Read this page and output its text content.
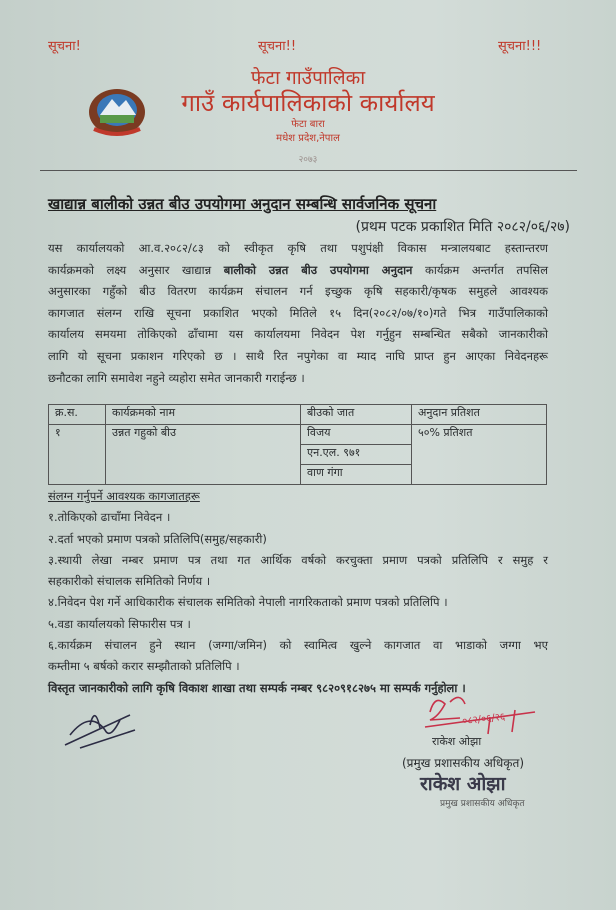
सूचना!	सूचना!!	सूचना!!!
फेटा गाउँपालिका
गाउँ कार्यपालिकाको कार्यालय
फेटा बारा
मधेश प्रदेश,नेपाल
२०७३
खाद्यान्न बालीको उन्नत बीउ उपयोगमा अनुदान सम्बन्धि सार्वजनिक सूचना
(प्रथम पटक प्रकाशित मिति २०८२/०६/२७)
यस कार्यालयको आ.व.२०८२/८३ को स्वीकृत कृषि तथा पशुपंक्षी विकास मन्त्रालयबाट हस्तान्तरण
कार्यक्रमको लक्ष्य अनुसार खाद्यान्न बालीको उन्नत बीउ उपयोगमा अनुदान कार्यक्रम अन्तर्गत तपसिल
अनुसारका गहुँको बीउ वितरण कार्यक्रम संचालन गर्न इच्छुक कृषि सहकारी/कृषक समुहले आवश्यक
कागजात संलग्न राखि सूचना प्रकाशित भएको मितिले १५ दिन(२०८२/०७/१०)गते भित्र गाउँपालिकाको
कार्यालय समयमा तोकिएको ढाँचामा यस कार्यालयमा निवेदन पेश गर्नुहुन सम्बन्धित सबैको जानकारीको
लागि यो सूचना प्रकाशन गरिएको छ । साथै रित नपुगेका वा म्याद नाघि प्राप्त हुन आएका निवेदनहरू
छनौटका लागि समावेश नहुने व्यहोरा समेत जानकारी गराईन्छ ।
क्र.स.	कार्यक्रमको नाम	बीउको जात	अनुदान प्रतिशत
१	उन्नत गहुको बीउ	विजय	५०% प्रतिशत
		एन.एल. ९७१	
		वाण गंगा	
संलग्न गर्नुपर्ने आवश्यक कागजातहरू
१.तोकिएको ढाचाँमा निवेदन ।
२.दर्ता भएको प्रमाण पत्रको प्रतिलिपि(समुह/सहकारी)
३.स्थायी लेखा नम्बर प्रमाण पत्र तथा गत आर्थिक वर्षको करचुक्ता प्रमाण पत्रको प्रतिलिपि र समुह र
सहकारीको संचालक समितिको निर्णय ।
४.निवेदन पेश गर्ने आधिकारीक संचालक समितिको नेपाली नागरिकताको प्रमाण पत्रको प्रतिलिपि ।
५.वडा कार्यालयको सिफारीस पत्र ।
६.कार्यक्रम संचालन हुने स्थान (जग्गा/जमिन) को स्वामित्व खुल्ने कागजात वा भाडाको जग्गा भए
कम्तीमा ५ बर्षको करार सम्झौताको प्रतिलिपि ।
विस्तृत जानकारीको लागि कृषि विकाश शाखा तथा सम्पर्क नम्बर ९८२०९१८२७५ मा सम्पर्क गर्नुहोला ।
०८२/०६/२६
राकेश ओझा
(प्रमुख प्रशासकीय अधिकृत)
राकेश ओझा
प्रमुख प्रशासकीय अधिकृत
